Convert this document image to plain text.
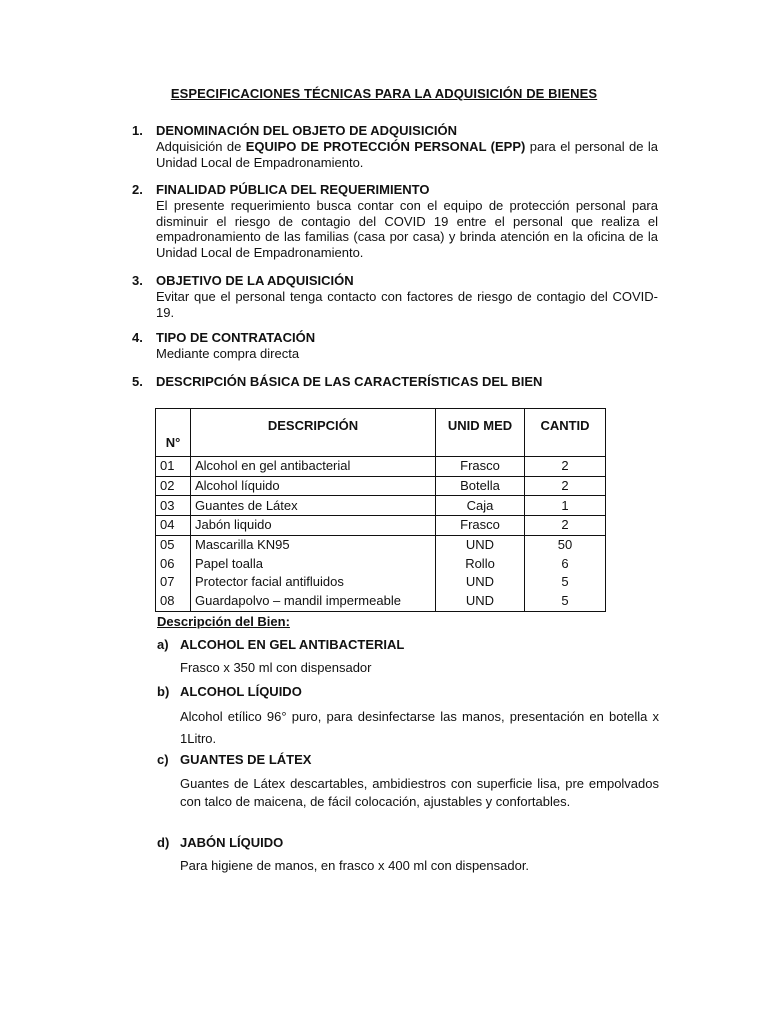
ESPECIFICACIONES TÉCNICAS PARA LA ADQUISICIÓN DE BIENES
1.	DENOMINACIÓN DEL OBJETO DE ADQUISICIÓN
Adquisición de EQUIPO DE PROTECCIÓN PERSONAL (EPP) para el personal de la Unidad Local de Empadronamiento.
2.	FINALIDAD PÚBLICA DEL REQUERIMIENTO
El presente requerimiento busca contar con el equipo de protección personal para disminuir el riesgo de contagio del COVID 19 entre el personal que realiza el empadronamiento de las familias (casa por casa) y brinda atención en la oficina de la Unidad Local de Empadronamiento.
3.	OBJETIVO DE LA ADQUISICIÓN
Evitar que el personal tenga contacto con factores de riesgo de contagio del COVID-19.
4.	TIPO DE CONTRATACIÓN
Mediante compra directa
5.	DESCRIPCIÓN BÁSICA DE LAS CARACTERÍSTICAS DEL BIEN
N°	DESCRIPCIÓN	UNID MED	CANTID
01	Alcohol en gel antibacterial	Frasco	2
02	Alcohol líquido	Botella	2
03	Guantes de Látex	Caja	1
04	Jabón liquido	Frasco	2
05	Mascarilla KN95	UND	50
06	Papel toalla	Rollo	6
07	Protector facial antifluidos	UND	5
08	Guardapolvo – mandil impermeable	UND	5
Descripción del Bien:
a) ALCOHOL EN GEL ANTIBACTERIAL
Frasco x 350 ml con dispensador
b) ALCOHOL LÍQUIDO
Alcohol etílico 96° puro, para desinfectarse las manos, presentación en botella x 1Litro.
c) GUANTES DE LÁTEX
Guantes de Látex descartables, ambidiestros con superficie lisa, pre empolvados con talco de maicena, de fácil colocación, ajustables y confortables.
d) JABÓN LÍQUIDO
Para higiene de manos, en frasco x 400 ml con dispensador.
